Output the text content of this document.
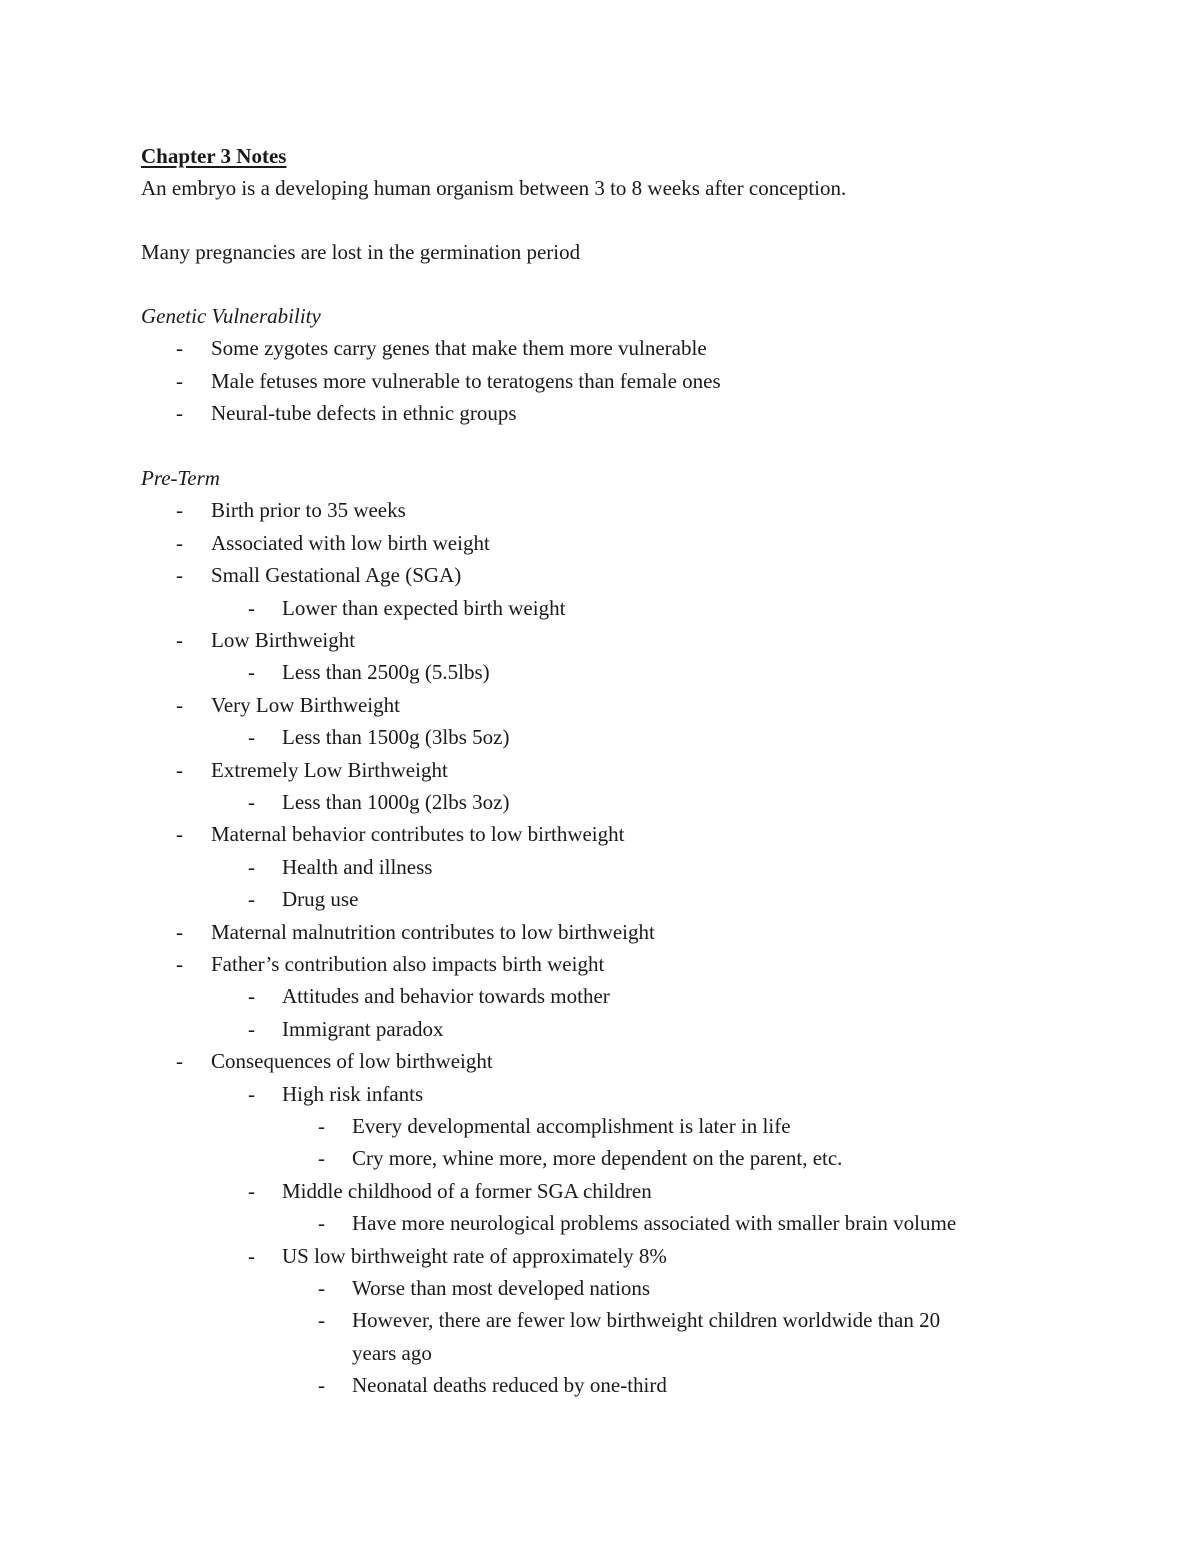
Chapter 3 Notes
An embryo is a developing human organism between 3 to 8 weeks after conception.
Many pregnancies are lost in the germination period
Genetic Vulnerability
- Some zygotes carry genes that make them more vulnerable
- Male fetuses more vulnerable to teratogens than female ones
- Neural-tube defects in ethnic groups
Pre-Term
- Birth prior to 35 weeks
- Associated with low birth weight
- Small Gestational Age (SGA)
- Lower than expected birth weight
- Low Birthweight
- Less than 2500g (5.5lbs)
- Very Low Birthweight
- Less than 1500g (3lbs 5oz)
- Extremely Low Birthweight
- Less than 1000g (2lbs 3oz)
- Maternal behavior contributes to low birthweight
- Health and illness
- Drug use
- Maternal malnutrition contributes to low birthweight
- Father’s contribution also impacts birth weight
- Attitudes and behavior towards mother
- Immigrant paradox
- Consequences of low birthweight
- High risk infants
- Every developmental accomplishment is later in life
- Cry more, whine more, more dependent on the parent, etc.
- Middle childhood of a former SGA children
- Have more neurological problems associated with smaller brain volume
- US low birthweight rate of approximately 8%
- Worse than most developed nations
- However, there are fewer low birthweight children worldwide than 20
years ago
- Neonatal deaths reduced by one-third
